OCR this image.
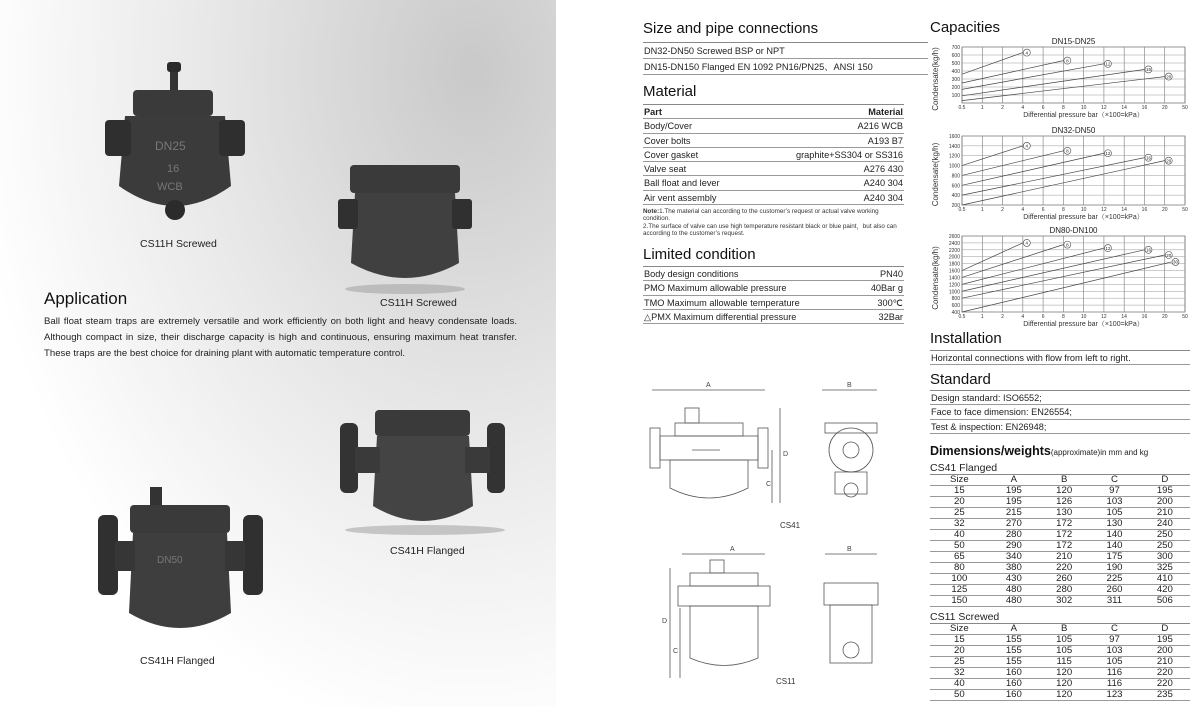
DN25
16
WCB
CS11H Screwed
CS11H Screwed
Application
Ball float steam traps are extremely versatile and work efficiently on both light and heavy condensate loads. Although compact in size, their discharge capacity is high and continuous, ensuring maximum heat transfer. These traps are the best choice for draining plant with automatic temperature control.
CS41H Flanged
DN50
CS41H Flanged
Size and pipe connections
DN32-DN50 Screwed BSP or NPT
DN15-DN150 Flanged EN 1092 PN16/PN25、ANSI 150
Material
Part	Material
Body/Cover	A216 WCB
Cover bolts	A193 B7
Cover gasket	graphite+SS304 or SS316
Valve seat	A276 430
Ball float and lever	A240 304
Air vent assembly	A240 304
Note:1.The material can according to the customer’s request or actual valve working condition.
2.The surface of valve can use high temperature resistant black or blue paint，but also can according to the customer’s request.
Limited condition
Body design conditions	PN40
PMO Maximum allowable pressure	40Bar g
TMO Maximum allowable temperature	300℃
△PMX Maximum differential pressure	32Bar
A
C
D
B
CS41
A
D
C
B
CS11
Capacities
DN15-DN25
0.5	1	2	4	6	8	10	12	14	16	20	50
700
600
500
400
300
200
100
4
8
12
16
20
Differential pressure bar（×100=kPa）
Condensate(kg/h)
DN32-DN50
0.5	1	2	4	6	8	10	12	14	16	20	50
1600
1400
1200
1000
800
600
400
200
4
8	12
16
20
Differential pressure bar（×100=kPa）
Condensate(kg/h)
DN80-DN100
0.5	1	2	4	6	8	10	12	14	16	20	50
2600
2400
2200
2000
1800
1600
1400
1200
1000
800
600
400
4	8
12	16
20
30
Differential pressure bar（×100=kPa）
Condensate(kg/h)
Installation
Horizontal connections with flow from left to right.
Standard
Design standard: ISO6552;
Face to face dimension: EN26554;
Test & inspection: EN26948;
Dimensions/weights(approximate)in mm and kg
CS41 Flanged
Size	A	B	C	D
15	195	120	97	195
20	195	126	103	200
25	215	130	105	210
32	270	172	130	240
40	280	172	140	250
50	290	172	140	250
65	340	210	175	300
80	380	220	190	325
100	430	260	225	410
125	480	280	260	420
150	480	302	311	506
CS11 Screwed
Size	A	B	C	D
15	155	105	97	195
20	155	105	103	200
25	155	115	105	210
32	160	120	116	220
40	160	120	116	220
50	160	120	123	235
